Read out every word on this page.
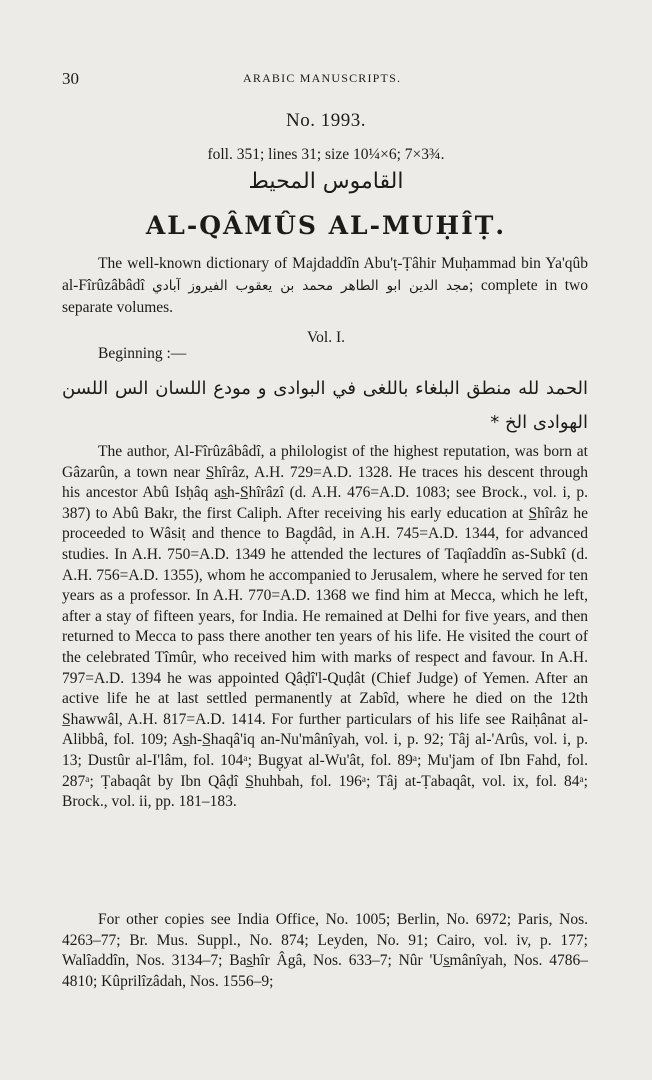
30	ARABIC MANUSCRIPTS.
No. 1993.
foll. 351; lines 31; size 10¼×6; 7×3¾.
القاموس المحيط
AL-QÂMÛS AL-MUḤÎṬ.

The well-known dictionary of Majdaddîn Abu'ṭ-Ṭâhir Muḥammad bin Ya'qûb al-Fîrûzâbâdî مجد الدين ابو الطاهر محمد بن يعقوب الفيروز آبادي; complete in two separate volumes.

Vol. I.
Beginning :—

الحمد لله منطق البلغاء باللغى في البوادى و مودع اللسان الس اللسن الهوادى الخ *

The author, Al-Fîrûzâbâdî, a philologist of the highest reputation, was born at Gâzarûn, a town near S̲hîrâz, A.H. 729=A.D. 1328. He traces his descent through his ancestor Abû Isḥâq as̲h-S̲hîrâzî (d. A.H. 476=A.D. 1083; see Brock., vol. i, p. 387) to Abû Bakr, the first Caliph. After receiving his early education at S̲hîrâz he proceeded to Wâsiṭ and thence to Bag̣dâd, in A.H. 745=A.D. 1344, for advanced studies. In A.H. 750=A.D. 1349 he attended the lectures of Taqîaddîn as-Subkî (d. A.H. 756=A.D. 1355), whom he accompanied to Jerusalem, where he served for ten years as a professor. In A.H. 770=A.D. 1368 we find him at Mecca, which he left, after a stay of fifteen years, for India. He remained at Delhi for five years, and then returned to Mecca to pass there another ten years of his life. He visited the court of the celebrated Tîmûr, who received him with marks of respect and favour. In A.H. 797=A.D. 1394 he was appointed Qâḍî'l-Quḍât (Chief Judge) of Yemen. After an active life he at last settled permanently at Zabîd, where he died on the 12th S̲hawwâl, A.H. 817=A.D. 1414. For further particulars of his life see Raiḥânat al-Alibbâ, fol. 109; As̲h-S̲haqâ'iq an-Nu'mânîyah, vol. i, p. 92; Tâj al-'Arûs, vol. i, p. 13; Dustûr al-I'lâm, fol. 104ᵃ; Bug̣yat al-Wu'ât, fol. 89ᵃ; Mu'jam of Ibn Fahd, fol. 287ᵃ; Ṭabaqât by Ibn Qâḍî S̲huhbah, fol. 196ᵃ; Tâj at-Ṭabaqât, vol. ix, fol. 84ᵃ; Brock., vol. ii, pp. 181–183.

For other copies see India Office, No. 1005; Berlin, No. 6972; Paris, Nos. 4263–77; Br. Mus. Suppl., No. 874; Leyden, No. 91; Cairo, vol. iv, p. 177; Walîaddîn, Nos. 3134–7; Bas̲hîr Âgâ, Nos. 633–7; Nûr 'Us̲mânîyah, Nos. 4786–4810; Kûprilîzâdah, Nos. 1556–9;
